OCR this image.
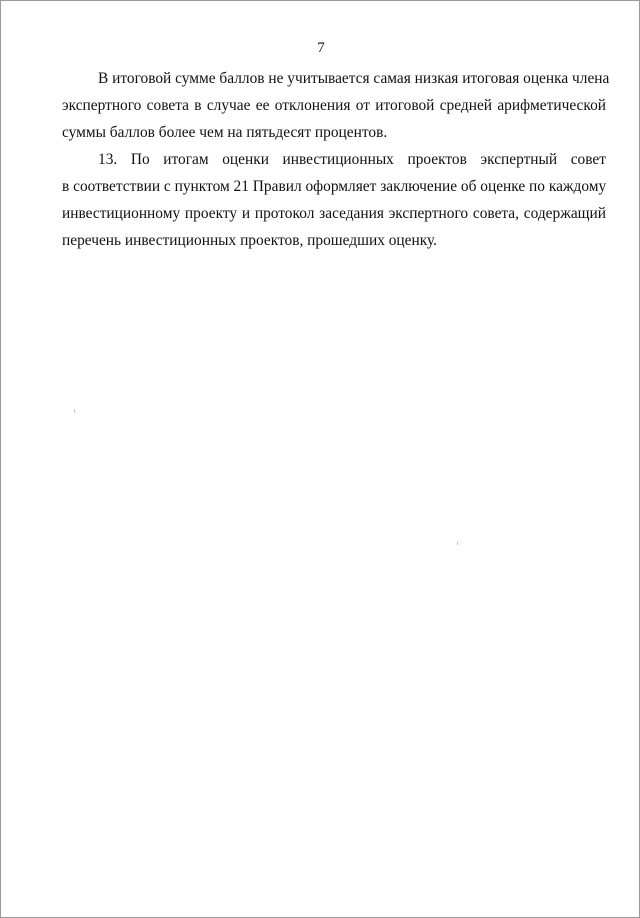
7
В итоговой сумме баллов не учитывается самая низкая итоговая оценка члена
экспертного совета в случае ее отклонения от итоговой средней арифметической
суммы баллов более чем на пятьдесят процентов.
13. По итогам оценки инвестиционных проектов экспертный совет
в соответствии с пунктом 21 Правил оформляет заключение об оценке по каждому
инвестиционному проекту и протокол заседания экспертного совета, содержащий
перечень инвестиционных проектов, прошедших оценку.
